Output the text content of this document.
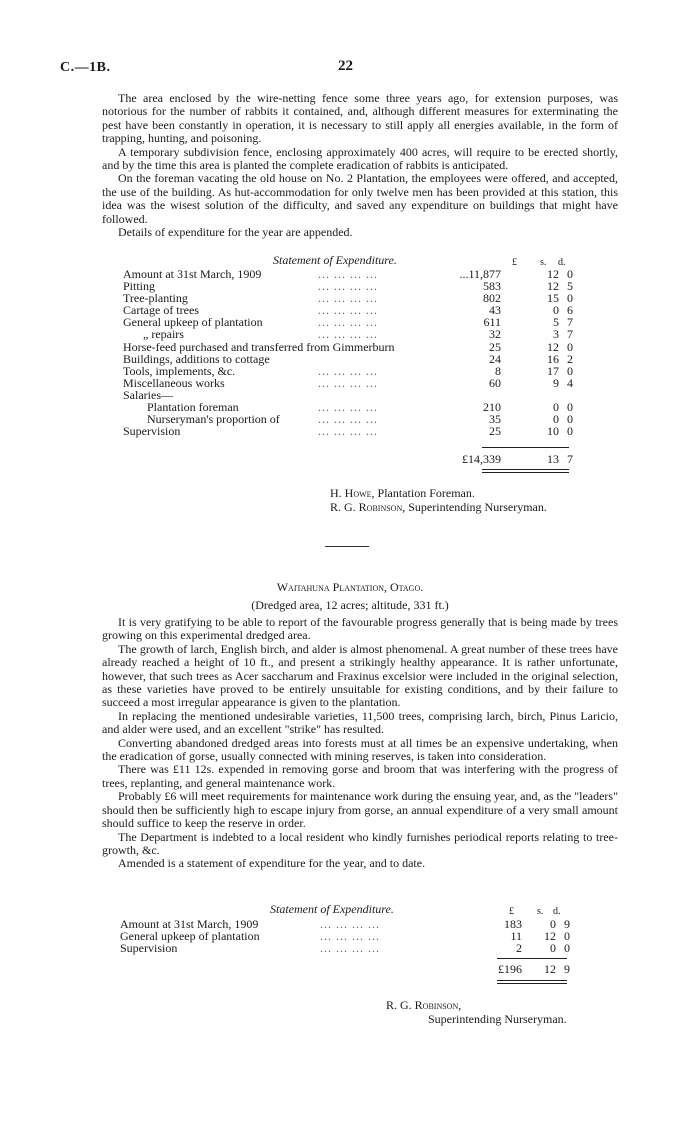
C.—1B.	22

The area enclosed by the wire-netting fence some three years ago, for extension purposes, was notorious for the number of rabbits it contained, and, although different measures for exterminating the pest have been constantly in operation, it is necessary to still apply all energies available, in the form of trapping, hunting, and poisoning.

A temporary subdivision fence, enclosing approximately 400 acres, will require to be erected shortly, and by the time this area is planted the complete eradication of rabbits is anticipated.

On the foreman vacating the old house on No. 2 Plantation, the employees were offered, and accepted, the use of the building. As hut-accommodation for only twelve men has been provided at this station, this idea was the wisest solution of the difficulty, and saved any expenditure on buildings that might have followed.

Details of expenditure for the year are appended.

Statement of Expenditure.	£ s. d.
Amount at 31st March, 1909	... ... ... ...	...11,877	12 0
Pitting	... ... ... ...	583	12 5
Tree-planting	... ... ... ...	802	15 0
Cartage of trees	... ... ... ...	43	0 6
General upkeep of plantation	... ... ... ...	611	5 7
„ repairs	... ... ... ...	32	3 7
Horse-feed purchased and transferred from Gimmerburn	25	12 0
Buildings, additions to cottage	24	16 2
Tools, implements, &c.	... ... ... ...	8	17 0
Miscellaneous works	... ... ... ...	60	9 4
Salaries—
Plantation foreman	... ... ... ...	210	0 0
Nurseryman's proportion of	... ... ... ...	35	0 0
Supervision	... ... ... ...	25	10 0
£14,339	13 7
H. Howe, Plantation Foreman.
R. G. Robinson, Superintending Nurseryman.
Waitahuna Plantation, Otago.
(Dredged area, 12 acres; altitude, 331 ft.)

It is very gratifying to be able to report of the favourable progress generally that is being made by trees growing on this experimental dredged area.

The growth of larch, English birch, and alder is almost phenomenal. A great number of these trees have already reached a height of 10 ft., and present a strikingly healthy appearance. It is rather unfortunate, however, that such trees as Acer saccharum and Fraxinus excelsior were included in the original selection, as these varieties have proved to be entirely unsuitable for existing conditions, and by their failure to succeed a most irregular appearance is given to the plantation.

In replacing the mentioned undesirable varieties, 11,500 trees, comprising larch, birch, Pinus Laricio, and alder were used, and an excellent "strike" has resulted.

Converting abandoned dredged areas into forests must at all times be an expensive undertaking, when the eradication of gorse, usually connected with mining reserves, is taken into consideration.

There was £11 12s. expended in removing gorse and broom that was interfering with the progress of trees, replanting, and general maintenance work.

Probably £6 will meet requirements for maintenance work during the ensuing year, and, as the "leaders" should then be sufficiently high to escape injury from gorse, an annual expenditure of a very small amount should suffice to keep the reserve in order.

The Department is indebted to a local resident who kindly furnishes periodical reports relating to tree-growth, &c.

Amended is a statement of expenditure for the year, and to date.

Statement of Expenditure.	£ s. d.
Amount at 31st March, 1909	... ... ... ...	183	0 9
General upkeep of plantation	... ... ... ...	11	12 0
Supervision	... ... ... ...	2	0 0
£196	12 9
R. G. Robinson,
Superintending Nurseryman.
